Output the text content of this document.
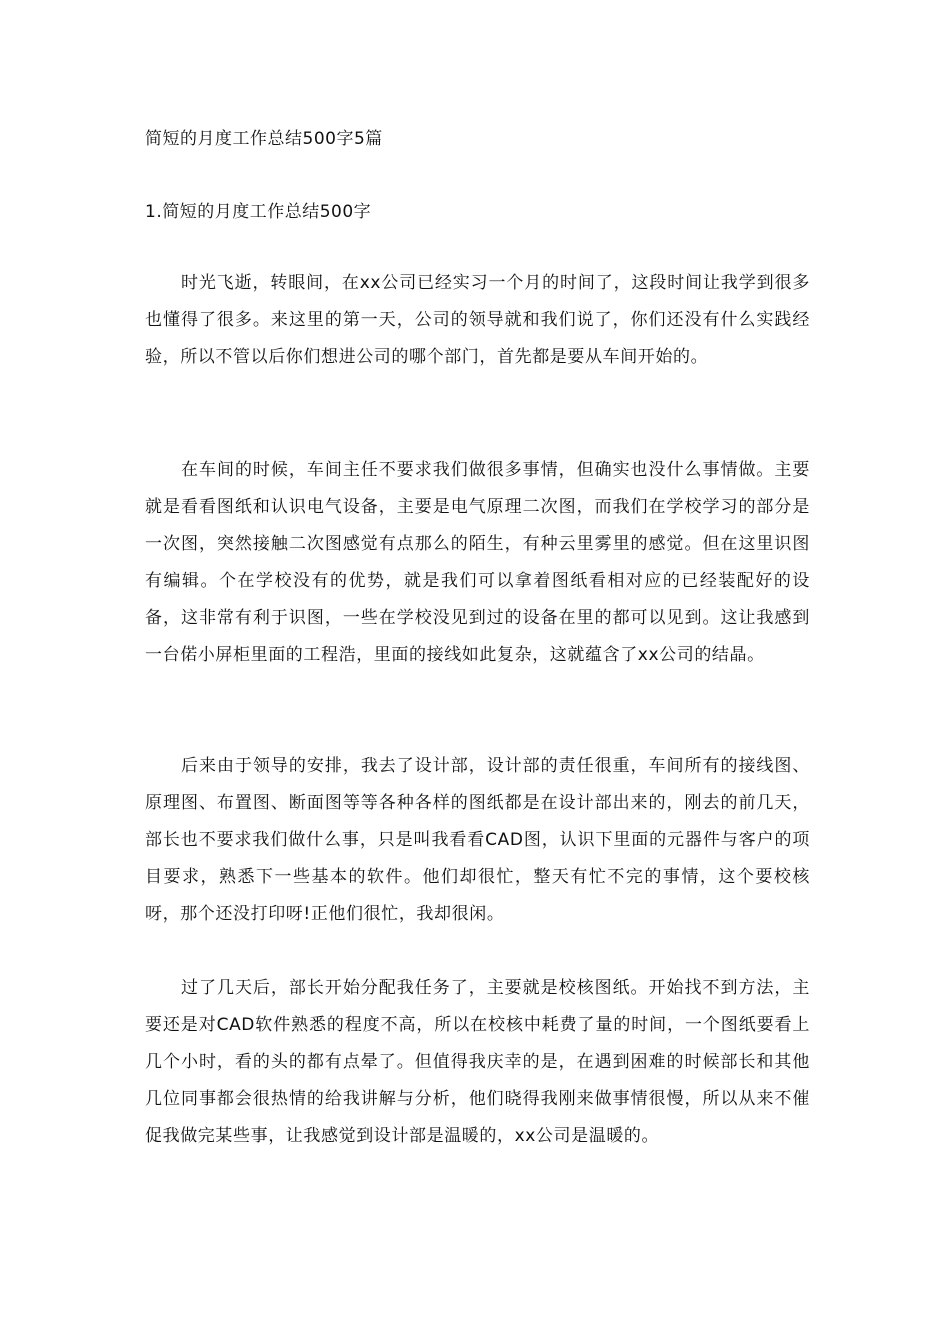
简短的月度工作总结500字5篇
1.简短的月度工作总结500字

时光飞逝，转眼间，在xx公司已经实习一个月的时间了，这段时间让我学到很多也懂得了很多。来这里的第一天，公司的领导就和我们说了，你们还没有什么实践经验，所以不管以后你们想进公司的哪个部门，首先都是要从车间开始的。

在车间的时候，车间主任不要求我们做很多事情，但确实也没什么事情做。主要就是看看图纸和认识电气设备，主要是电气原理二次图，而我们在学校学习的部分是一次图，突然接触二次图感觉有点那么的陌生，有种云里雾里的感觉。但在这里识图有编辑。个在学校没有的优势，就是我们可以拿着图纸看相对应的已经装配好的设备，这非常有利于识图，一些在学校没见到过的设备在里的都可以见到。这让我感到一台偌小屏柜里面的工程浩，里面的接线如此复杂，这就蕴含了xx公司的结晶。

后来由于领导的安排，我去了设计部，设计部的责任很重，车间所有的接线图、原理图、布置图、断面图等等各种各样的图纸都是在设计部出来的，刚去的前几天，部长也不要求我们做什么事，只是叫我看看CAD图，认识下里面的元器件与客户的项目要求，熟悉下一些基本的软件。他们却很忙，整天有忙不完的事情，这个要校核呀，那个还没打印呀!正他们很忙，我却很闲。

过了几天后，部长开始分配我任务了，主要就是校核图纸。开始找不到方法，主要还是对CAD软件熟悉的程度不高，所以在校核中耗费了量的时间，一个图纸要看上几个小时，看的头的都有点晕了。但值得我庆幸的是，在遇到困难的时候部长和其他几位同事都会很热情的给我讲解与分析，他们晓得我刚来做事情很慢，所以从来不催促我做完某些事，让我感觉到设计部是温暖的，xx公司是温暖的。
